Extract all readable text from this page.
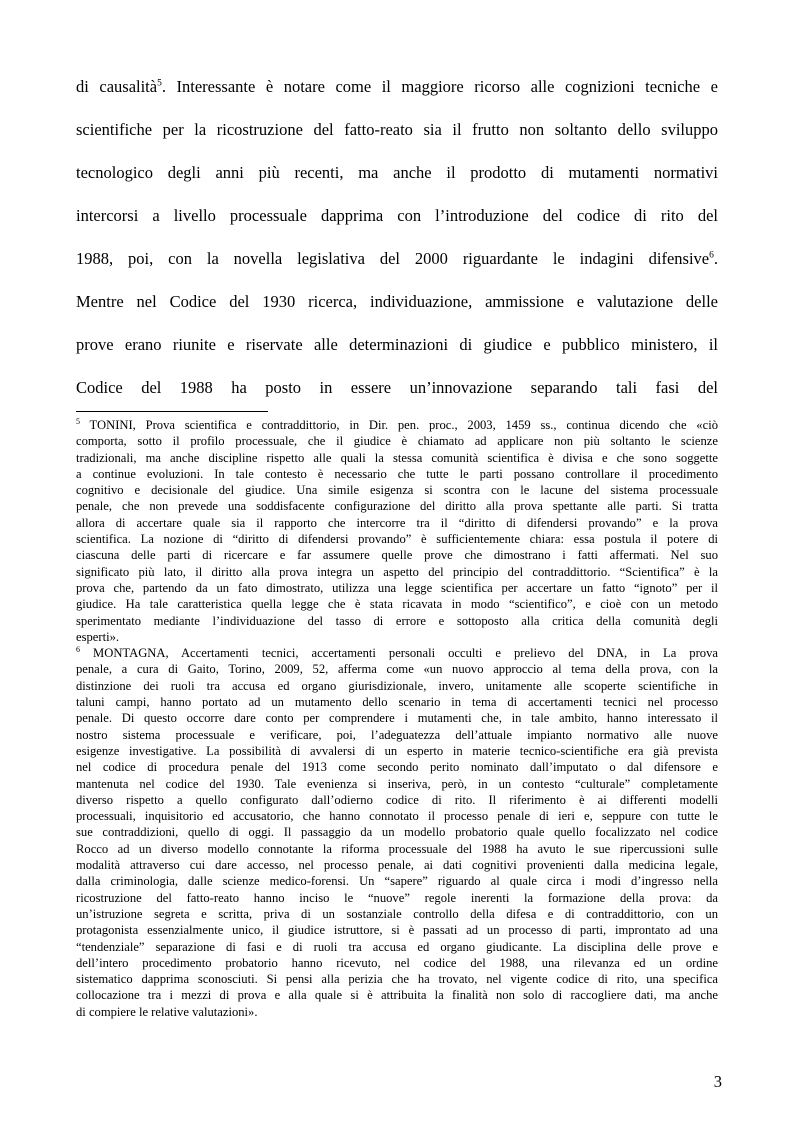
di causalità$^5$. Interessante è notare come il maggiore ricorso alle cognizioni tecniche e
scientifiche per la ricostruzione del fatto-reato sia il frutto non soltanto dello sviluppo
tecnologico degli anni più recenti, ma anche il prodotto di mutamenti normativi
intercorsi a livello processuale dapprima con l’introduzione del codice di rito del
1988, poi, con la novella legislativa del 2000 riguardante le indagini difensive$^6$.
Mentre nel Codice del 1930 ricerca, individuazione, ammissione e valutazione delle
prove erano riunite e riservate alle determinazioni di giudice e pubblico ministero, il
Codice del 1988 ha posto in essere un’innovazione separando tali fasi del
$^5$ TONINI, Prova scientifica e contraddittorio, in Dir. pen. proc., 2003, 1459 ss., continua dicendo che «ciò
comporta, sotto il profilo processuale, che il giudice è chiamato ad applicare non più soltanto le scienze
tradizionali, ma anche discipline rispetto alle quali la stessa comunità scientifica è divisa e che sono soggette
a continue evoluzioni. In tale contesto è necessario che tutte le parti possano controllare il procedimento
cognitivo e decisionale del giudice. Una simile esigenza si scontra con le lacune del sistema processuale
penale, che non prevede una soddisfacente configurazione del diritto alla prova spettante alle parti. Si tratta
allora di accertare quale sia il rapporto che intercorre tra il “diritto di difendersi provando” e la prova
scientifica. La nozione di “diritto di difendersi provando” è sufficientemente chiara: essa postula il potere di
ciascuna delle parti di ricercare e far assumere quelle prove che dimostrano i fatti affermati. Nel suo
significato più lato, il diritto alla prova integra un aspetto del principio del contraddittorio. “Scientifica” è la
prova che, partendo da un fato dimostrato, utilizza una legge scientifica per accertare un fatto “ignoto” per il
giudice. Ha tale caratteristica quella legge che è stata ricavata in modo “scientifico”, e cioè con un metodo
sperimentato mediante l’individuazione del tasso di errore e sottoposto alla critica della comunità degli
esperti».
$^6$ MONTAGNA, Accertamenti tecnici, accertamenti personali occulti e prelievo del DNA, in La prova
penale, a cura di Gaito, Torino, 2009, 52, afferma come «un nuovo approccio al tema della prova, con la
distinzione dei ruoli tra accusa ed organo giurisdizionale, invero, unitamente alle scoperte scientifiche in
taluni campi, hanno portato ad un mutamento dello scenario in tema di accertamenti tecnici nel processo
penale. Di questo occorre dare conto per comprendere i mutamenti che, in tale ambito, hanno interessato il
nostro sistema processuale e verificare, poi, l’adeguatezza dell’attuale impianto normativo alle nuove
esigenze investigative. La possibilità di avvalersi di un esperto in materie tecnico-scientifiche era già prevista
nel codice di procedura penale del 1913 come secondo perito nominato dall’imputato o dal difensore e
mantenuta nel codice del 1930. Tale evenienza si inseriva, però, in un contesto “culturale” completamente
diverso rispetto a quello configurato dall’odierno codice di rito. Il riferimento è ai differenti modelli
processuali, inquisitorio ed accusatorio, che hanno connotato il processo penale di ieri e, seppure con tutte le
sue contraddizioni, quello di oggi. Il passaggio da un modello probatorio quale quello focalizzato nel codice
Rocco ad un diverso modello connotante la riforma processuale del 1988 ha avuto le sue ripercussioni sulle
modalità attraverso cui dare accesso, nel processo penale, ai dati cognitivi provenienti dalla medicina legale,
dalla criminologia, dalle scienze medico-forensi. Un “sapere” riguardo al quale circa i modi d’ingresso nella
ricostruzione del fatto-reato hanno inciso le “nuove” regole inerenti la formazione della prova: da
un’istruzione segreta e scritta, priva di un sostanziale controllo della difesa e di contraddittorio, con un
protagonista essenzialmente unico, il giudice istruttore, si è passati ad un processo di parti, improntato ad una
“tendenziale” separazione di fasi e di ruoli tra accusa ed organo giudicante. La disciplina delle prove e
dell’intero procedimento probatorio hanno ricevuto, nel codice del 1988, una rilevanza ed un ordine
sistematico dapprima sconosciuti. Si pensi alla perizia che ha trovato, nel vigente codice di rito, una specifica
collocazione tra i mezzi di prova e alla quale si è attribuita la finalità non solo di raccogliere dati, ma anche
di compiere le relative valutazioni».
3
